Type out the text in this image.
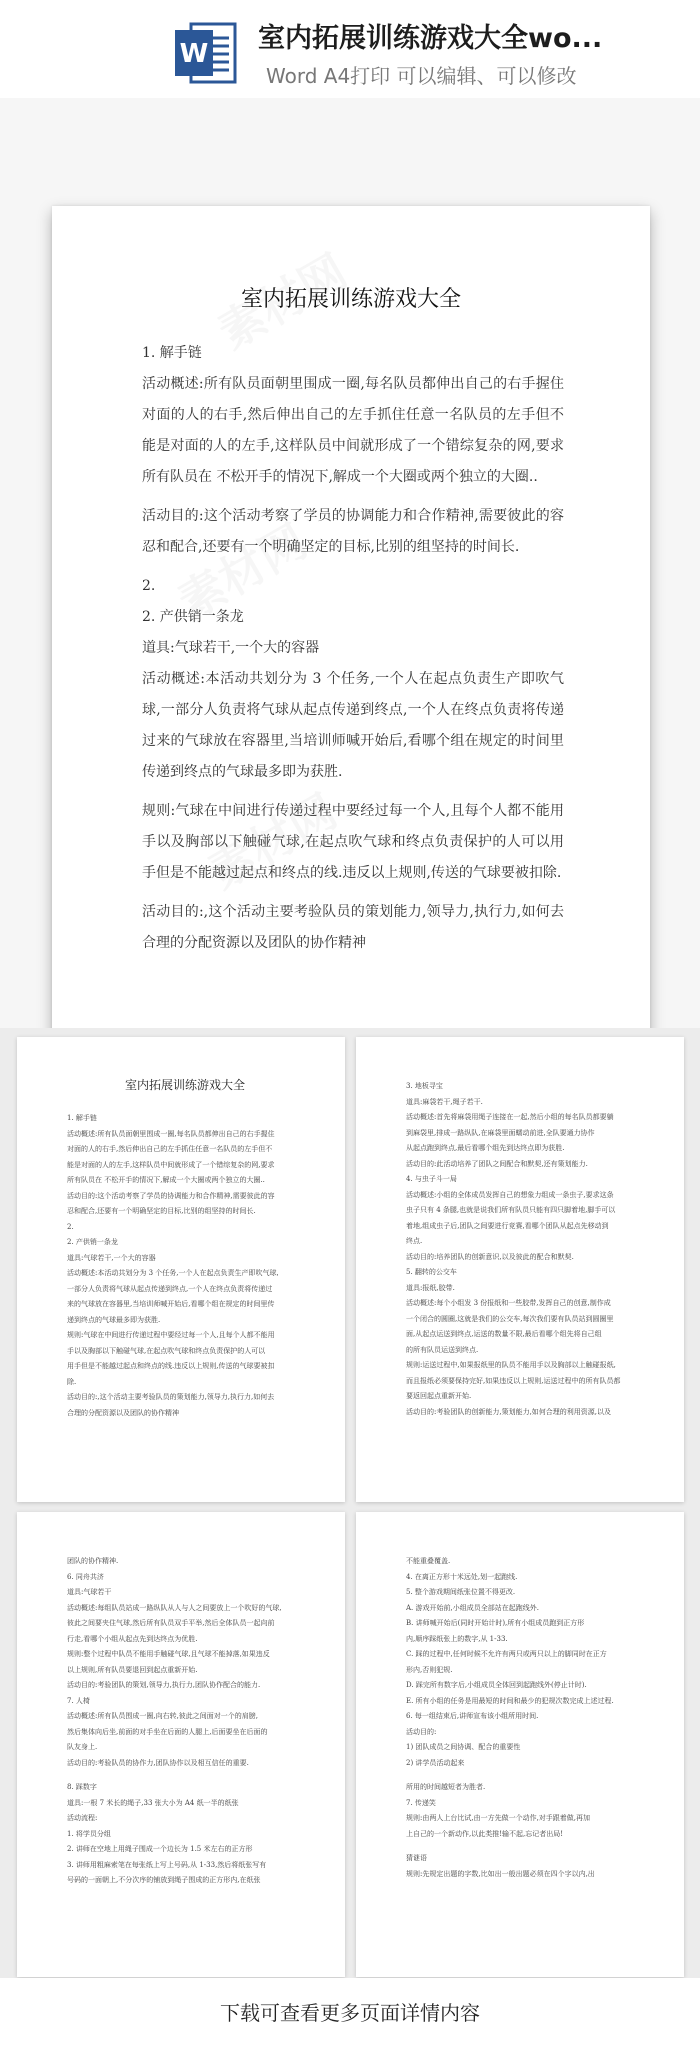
W 室内拓展训练游戏大全wo...
Word A4打印 可以编辑、可以修改
室内拓展训练游戏大全

1. 解手链

活动概述:所有队员面朝里围成一圈,每名队员都伸出自己的右手握住对面的人的右手,然后伸出自己的左手抓住任意一名队员的左手但不能是对面的人的左手,这样队员中间就形成了一个错综复杂的网,要求所有队员在 不松开手的情况下,解成一个大圈或两个独立的大圈..

活动目的:这个活动考察了学员的协调能力和合作精神,需要彼此的容忍和配合,还要有一个明确坚定的目标,比别的组坚持的时间长.

2.

2. 产供销一条龙

道具:气球若干,一个大的容器

活动概述:本活动共划分为 3 个任务,一个人在起点负责生产即吹气球,一部分人负责将气球从起点传递到终点,一个人在终点负责将传递过来的气球放在容器里,当培训师喊开始后,看哪个组在规定的时间里传递到终点的气球最多即为获胜.

规则:气球在中间进行传递过程中要经过每一个人,且每个人都不能用手以及胸部以下触碰气球,在起点吹气球和终点负责保护的人可以用手但是不能越过起点和终点的线.违反以上规则,传送的气球要被扣除.

活动目的:,这个活动主要考验队员的策划能力,领导力,执行力,如何去合理的分配资源以及团队的协作精神

室内拓展训练游戏大全
1. 解手链
活动概述:所有队员面朝里围成一圈,每名队员都伸出自己的右手握住
对面的人的右手,然后伸出自己的左手抓住任意一名队员的左手但不
能是对面的人的左手,这样队员中间就形成了一个错综复杂的网,要求
所有队员在 不松开手的情况下,解成一个大圈或两个独立的大圈..
活动目的:这个活动考察了学员的协调能力和合作精神,需要彼此的容
忍和配合,还要有一个明确坚定的目标,比别的组坚持的时间长.
2.
2. 产供销一条龙
道具:气球若干,一个大的容器
活动概述:本活动共划分为 3 个任务,一个人在起点负责生产即吹气球,
一部分人负责将气球从起点传递到终点,一个人在终点负责将传递过
来的气球放在容器里,当培训师喊开始后,看哪个组在规定的时间里传
递到终点的气球最多即为获胜.
规则:气球在中间进行传递过程中要经过每一个人,且每个人都不能用
手以及胸部以下触碰气球,在起点吹气球和终点负责保护的人可以
用手但是不能越过起点和终点的线.违反以上规则,传送的气球要被扣
除.
活动目的:,这个活动主要考验队员的策划能力,领导力,执行力,如何去
合理的分配资源以及团队的协作精神
3. 地板寻宝
道具:麻袋若干,绳子若干.
活动概述:首先将麻袋用绳子连接在一起,然后小组的每名队员都要躺
到麻袋里,排成一路纵队,在麻袋里面蠕动前进,全队要通力协作
从起点跑到终点,最后看哪个组先到达终点即为获胜.
活动目的:此活动培养了团队之间配合和默契,还有策划能力.
4. 与虫子斗一局
活动概述:小组的全体成员发挥自己的想象力组成一条虫子,要求这条
虫子只有 4 条腿,也就是说我们所有队员只能有四只脚着地,脚手可以
着地,组成虫子后,团队之间要进行竞赛,看哪个团队从起点先移动到
终点.
活动目的:培养团队的创新意识,以及彼此的配合和默契.
5. 翻转的公交车
道具:报纸,胶带.
活动概述:每个小组发 3 份报纸和一些胶带,发挥自己的创意,制作成
一个闭合的圆圈,这就是我们的公交车,每次我们要有队员站到圆圈里
面,从起点运送到终点,运送的数量不限,最后看哪个组先将自己组
的所有队员运送到终点.
规则:运送过程中,如果报纸里的队员不能用手以及胸部以上触碰报纸,
而且报纸必须要保持完好,如果违反以上规则,运送过程中的所有队员都
要返回起点重新开始.
活动目的:考验团队的创新能力,策划能力,如何合理的利用资源,以及
团队的协作精神.
6. 同舟共济
道具:气球若干
活动概述:每组队员站成一路纵队从人与人之间要放上一个吹好的气球,
彼此之间要夹住气球,然后所有队员双手平举,然后全体队员一起向前
行走,看哪个小组从起点先到达终点为优胜.
规则:整个过程中队员不能用手触碰气球,且气球不能掉落,如果违反
以上规则,所有队员要退回到起点重新开始.
活动目的:考验团队的策划,领导力,执行力,团队协作配合的能力.
7. 人椅
活动概述:所有队员围成一圈,向右转,彼此之间面对一个的肩膀,
然后集体向后坐,前面的对手坐在后面的人腿上,后面要坐在后面的
队友身上.
活动目的:考验队员的协作力,团队协作以及相互信任的重要.
8. 踩数字
道具:一根 7 米长的绳子,33 张大小为 A4 纸一半的纸张
活动流程:
1. 将学员分组
2. 讲师在空地上用绳子围成一个边长为 1.5 米左右的正方形
3. 讲师用粗麻索笔在每张纸上写上号码,从 1-33,然后将纸张写有
号码的一面朝上,不分次序的铺放到绳子围成的正方形内,在纸张
不能重叠覆盖.
4. 在离正方形十米远处,划一起跑线.
5. 整个游戏期间纸张位置不得更改.
A. 游戏开始前,小组成员全部站在起跑线外.
B. 讲师喊开始后(同时开始计时),所有小组成员跑到正方形
内,顺序踩纸张上的数字,从 1-33.
C. 踩的过程中,任何时候不允许有两只或两只以上的脚同时在正方
形内,否则犯规.
D. 踩完所有数字后,小组成员全体回到起跑线外(停止计时).
E. 所有小组的任务是用最短的时间和最少的犯规次数完成上述过程.
6. 每一组结束后,讲师宣布该小组所用时间.
活动目的:
1) 团队成员之间协调、配合的重要性
2) 讲学员活动起来
所用的时间越短者为胜者.
7. 传递笑
规则:由两人上台比试,由一方先做一个动作,对手跟着做,再加
上自己的一个新动作,以此类推!输不起,忘记者出局!
猜谜语
规则:先规定出题的字数,比如出一般出题必须在四个字以内,出
下载可查看更多页面详情内容
